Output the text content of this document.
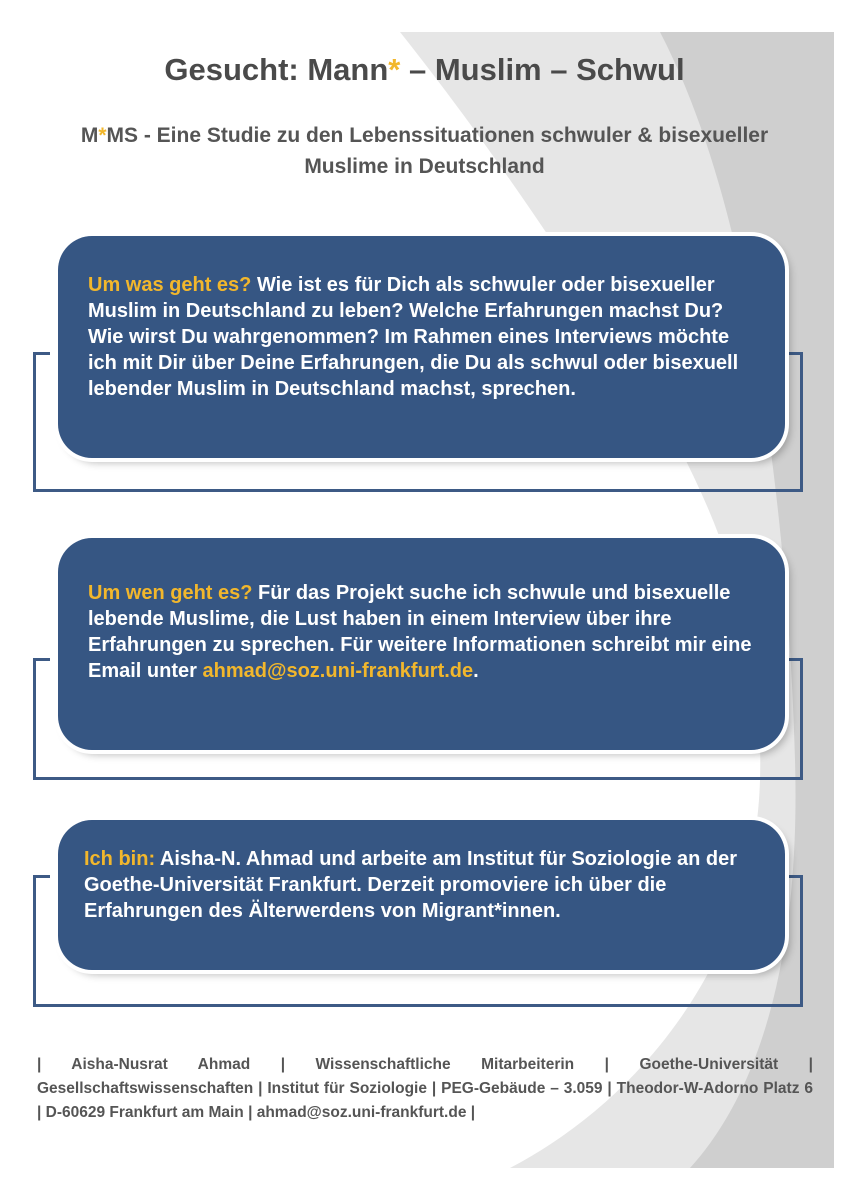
Gesucht: Mann* – Muslim – Schwul
M*MS - Eine Studie zu den Lebenssituationen schwuler & bisexueller Muslime in Deutschland
Um was geht es? Wie ist es für Dich als schwuler oder bisexueller Muslim in Deutschland zu leben? Welche Erfahrungen machst Du? Wie wirst Du wahrgenommen? Im Rahmen eines Interviews möchte ich mit Dir über Deine Erfahrungen, die Du als schwul oder bisexuell lebender Muslim in Deutschland machst, sprechen.
Um wen geht es? Für das Projekt suche ich schwule und bisexuelle lebende Muslime, die Lust haben in einem Interview über ihre Erfahrungen zu sprechen. Für weitere Informationen schreibt mir eine Email unter ahmad@soz.uni-frankfurt.de.
Ich bin: Aisha-N. Ahmad und arbeite am Institut für Soziologie an der Goethe-Universität Frankfurt. Derzeit promoviere ich über die Erfahrungen des Älterwerdens von Migrant*innen.
| Aisha-Nusrat Ahmad | Wissenschaftliche Mitarbeiterin | Goethe-Universität | Gesellschaftswissenschaften | Institut für Soziologie | PEG-Gebäude – 3.059 | Theodor-W-Adorno Platz 6 | D-60629 Frankfurt am Main | ahmad@soz.uni-frankfurt.de |
